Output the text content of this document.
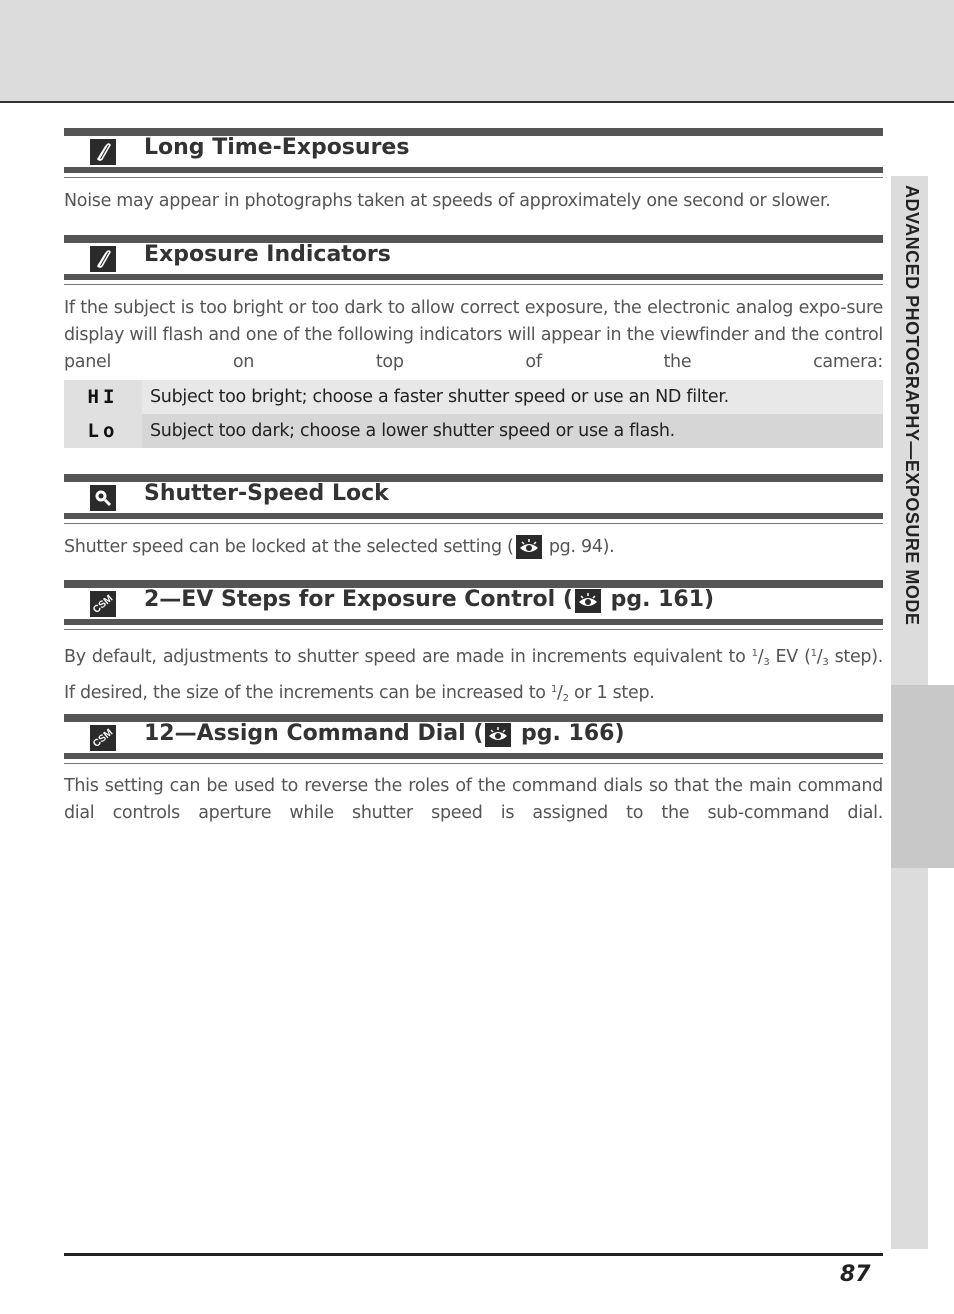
ADVANCED PHOTOGRAPHY—EXPOSURE MODE
Long Time-Exposures
Noise may appear in photographs taken at speeds of approximately one second or slower.
Exposure Indicators
If the subject is too bright or too dark to allow correct exposure, the electronic analog expo-sure display will flash and one of the following indicators will appear in the viewfinder and the control panel on top of the camera:
HI	Subject too bright; choose a faster shutter speed or use an ND filter.
Lo	Subject too dark; choose a lower shutter speed or use a flash.
Shutter-Speed Lock
Shutter speed can be locked at the selected setting (
pg. 94).
CSM 2—EV Steps for Exposure Control (
pg. 161)
By default, adjustments to shutter speed are made in increments equivalent to $^1/_3$ EV ($^1/_3$ step).
If desired, the size of the increments can be increased to $^1/_2$ or 1 step.
CSM 12—Assign Command Dial (
pg. 166)
This setting can be used to reverse the roles of the command dials so that the main command dial controls aperture while shutter speed is assigned to the sub-command dial.
87
